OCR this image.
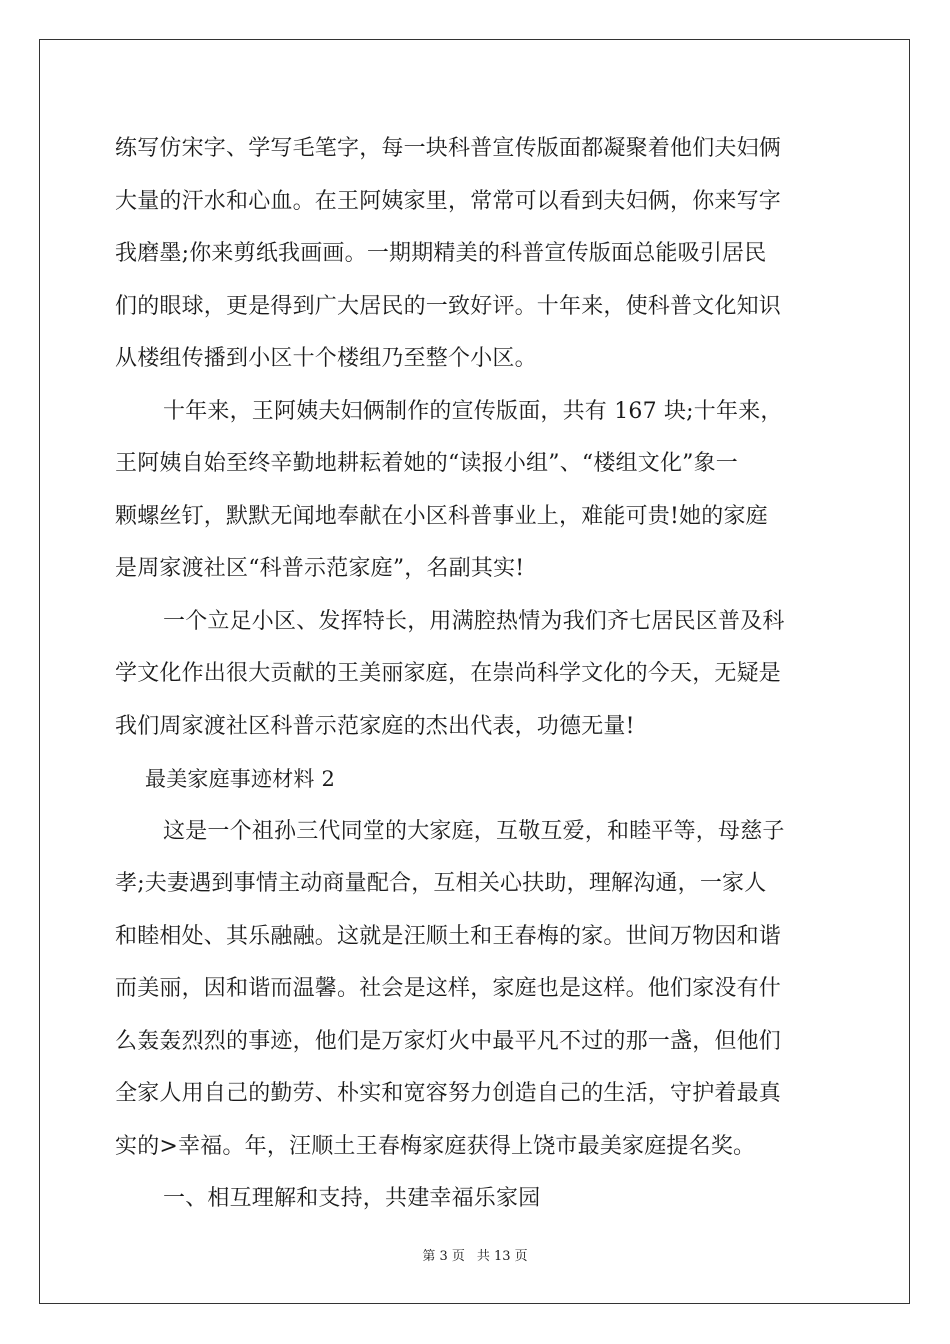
练写仿宋字、学写毛笔字，每一块科普宣传版面都凝聚着他们夫妇俩
大量的汗水和心血。在王阿姨家里，常常可以看到夫妇俩，你来写字
我磨墨;你来剪纸我画画。一期期精美的科普宣传版面总能吸引居民
们的眼球，更是得到广大居民的一致好评。十年来，使科普文化知识
从楼组传播到小区十个楼组乃至整个小区。
十年来，王阿姨夫妇俩制作的宣传版面，共有 167 块;十年来，
王阿姨自始至终辛勤地耕耘着她的“读报小组”、“楼组文化”象一
颗螺丝钉，默默无闻地奉献在小区科普事业上，难能可贵!她的家庭
是周家渡社区“科普示范家庭”，名副其实!
一个立足小区、发挥特长，用满腔热情为我们齐七居民区普及科
学文化作出很大贡献的王美丽家庭，在崇尚科学文化的今天，无疑是
我们周家渡社区科普示范家庭的杰出代表，功德无量!
最美家庭事迹材料 2
这是一个祖孙三代同堂的大家庭，互敬互爱，和睦平等，母慈子
孝;夫妻遇到事情主动商量配合，互相关心扶助，理解沟通，一家人
和睦相处、其乐融融。这就是汪顺土和王春梅的家。世间万物因和谐
而美丽，因和谐而温馨。社会是这样，家庭也是这样。他们家没有什
么轰轰烈烈的事迹，他们是万家灯火中最平凡不过的那一盏，但他们
全家人用自己的勤劳、朴实和宽容努力创造自己的生活，守护着最真
实的>幸福。年，汪顺土王春梅家庭获得上饶市最美家庭提名奖。
一、相互理解和支持，共建幸福乐家园
第 3 页 共 13 页
